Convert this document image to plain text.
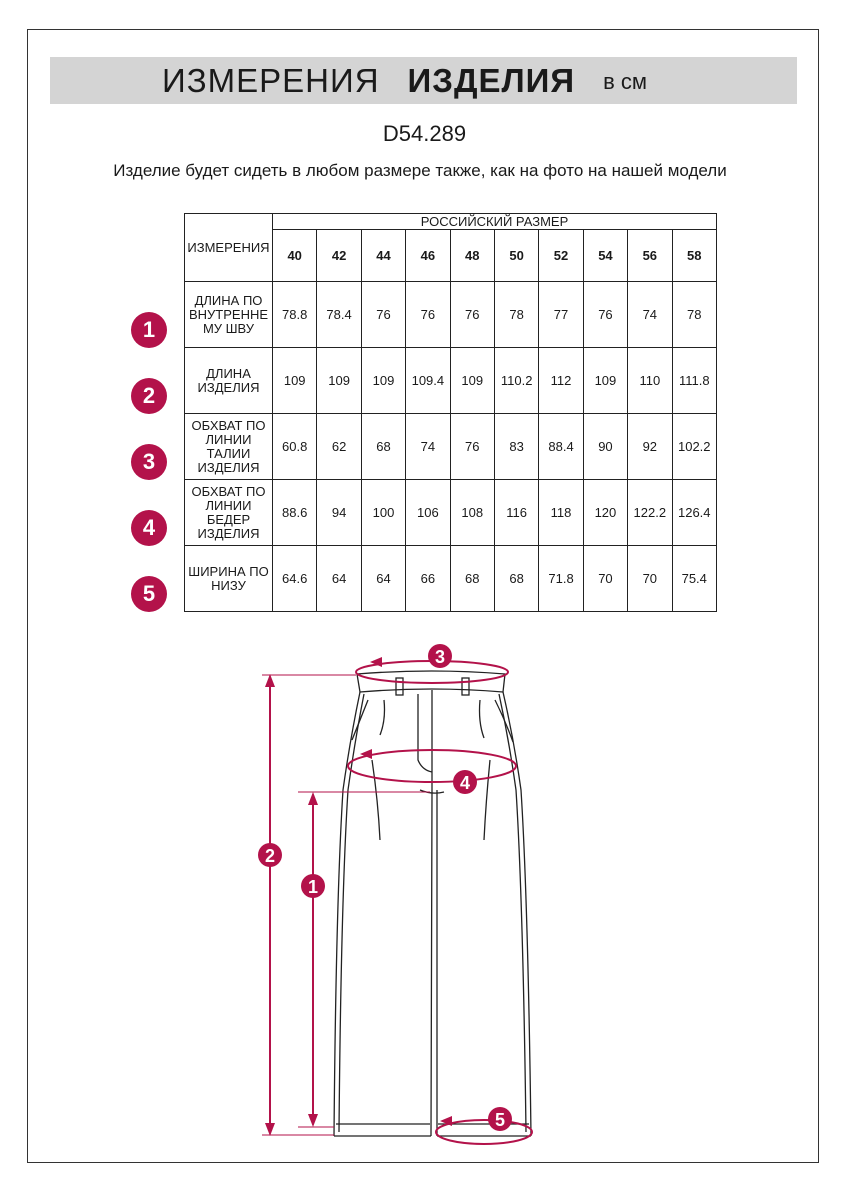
ИЗМЕРЕНИЯ ИЗДЕЛИЯ в см
D54.289
Изделие будет сидеть в любом размере также, как на фото на нашей модели
ИЗМЕРЕНИЯ	РОССИЙСКИЙ РАЗМЕР									
	40	42	44	46	48	50	52	54	56	58
ДЛИНА ПО ВНУТРЕННЕ МУ ШВУ	78.8	78.4	76	76	76	78	77	76	74	78
ДЛИНА ИЗДЕЛИЯ	109	109	109	109.4	109	110.2	112	109	110	111.8
ОБХВАТ ПО ЛИНИИ ТАЛИИ ИЗДЕЛИЯ	60.8	62	68	74	76	83	88.4	90	92	102.2
ОБХВАТ ПО ЛИНИИ БЕДЕР ИЗДЕЛИЯ	88.6	94	100	106	108	116	118	120	122.2	126.4
ШИРИНА ПО НИЗУ	64.6	64	64	66	68	68	71.8	70	70	75.4
1
2
3
4
5
3
4
2
1
5
